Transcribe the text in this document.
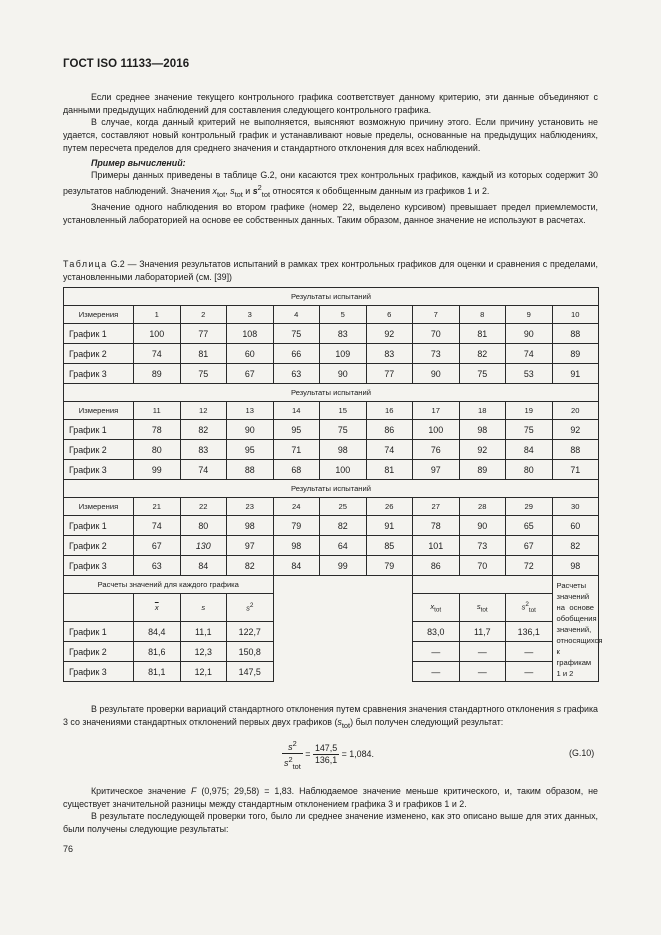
ГОСТ ISO 11133—2016

Если среднее значение текущего контрольного графика соответствует данному критерию, эти данные объединяют с данными предыдущих наблюдений для составления следующего контрольного графика.

В случае, когда данный критерий не выполняется, выясняют возможную причину этого. Если причину установить не удается, составляют новый контрольный график и устанавливают новые пределы, основанные на предыдущих наблюдениях, путем пересчета пределов для среднего значения и стандартного отклонения для всех наблюдений.

Пример вычислений:

Примеры данных приведены в таблице G.2, они касаются трех контрольных графиков, каждый из которых содержит 30 результатов наблюдений. Значения $x_{tot}$, $s_{tot}$ и $s^2_{tot}$ относятся к обобщенным данным из графиков 1 и 2.

Значение одного наблюдения во втором графике (номер 22, выделено курсивом) превышает предел приемлемости, установленный лабораторией на основе ее собственных данных. Таким образом, данное значение не используют в расчетах.

Таблица G.2 — Значения результатов испытаний в рамках трех контрольных графиков для оценки и сравнения с пределами, установленными лабораторией (см. [39])
Результаты испытаний										
Измерения	1	2	3	4	5	6	7	8	9	10
График 1	100	77	108	75	83	92	70	81	90	88
График 2	74	81	60	66	109	83	73	82	74	89
График 3	89	75	67	63	90	77	90	75	53	91
Результаты испытаний										
Измерения	11	12	13	14	15	16	17	18	19	20
График 1	78	82	90	95	75	86	100	98	75	92
График 2	80	83	95	71	98	74	76	92	84	88
График 3	99	74	88	68	100	81	97	89	80	71
Результаты испытаний										
Измерения	21	22	23	24	25	26	27	28	29	30
График 1	74	80	98	79	82	91	78	90	65	60
График 2	67	130	97	98	64	85	101	73	67	82
График 3	63	84	82	84	99	79	86	70	72	98
Расчеты значений для каждого графика										Расчеты значений на основе обобщения значений, относящихся к графикам 1 и 2
	$\overline{x}$	s	$s^2$				$x_{tot}$	$s_{tot}$	$s^2_{tot}$
График 1	84,4	11,1	122,7				83,0	11,7	136,1	
График 2	81,6	12,3	150,8				—	—	—	
График 3	81,1	12,1	147,5				—	—	—	

В результате проверки вариаций стандартного отклонения путем сравнения значения стандартного отклонения s графика 3 со значениями стандартных отклонений первых двух графиков $(s_{tot})$ был получен следующий результат:

$\frac{s^2}{s^2_{tot}} = \frac{147,5}{136,1} = 1,084$.	(G.10)

Критическое значение F (0,975; 29,58) = 1,83. Наблюдаемое значение меньше критического, и, таким образом, не существует значительной разницы между стандартным отклонением графика 3 и графиков 1 и 2.

В результате последующей проверки того, было ли среднее значение изменено, как это описано выше для этих данных, были получены следующие результаты:

76
